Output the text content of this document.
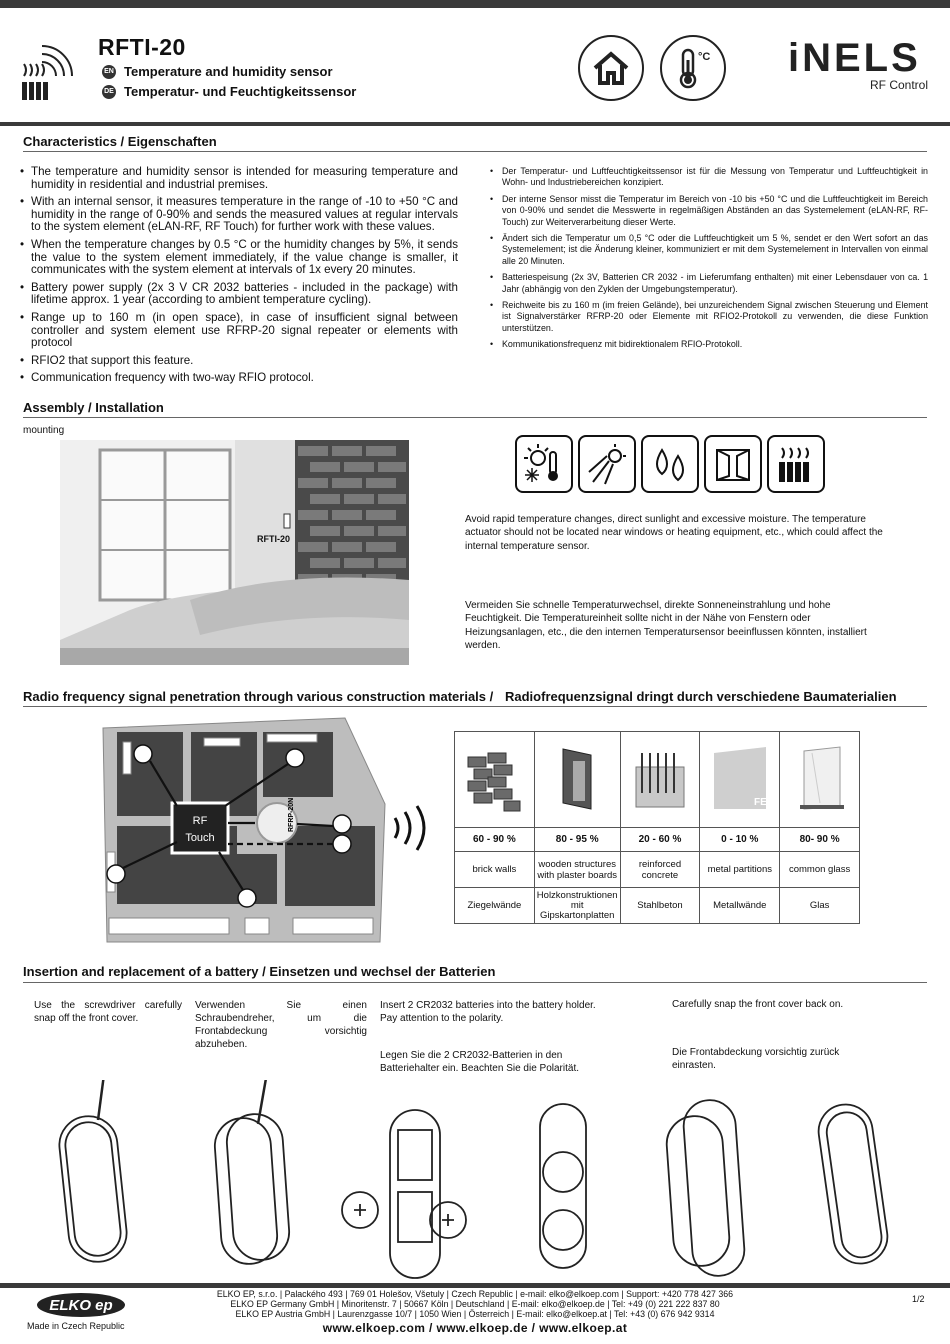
RFTI-20
EN Temperature and humidity sensor
DE Temperatur- und Feuchtigkeitssensor
°C iNELS
RF Control
Characteristics / Eigenschaften
• The temperature and humidity sensor is intended for measuring temperature and humidity in residential and industrial premises.
• With an internal sensor, it measures temperature in the range of -10 to +50 °C and humidity in the range of 0-90% and sends the measured values at regular intervals to the system element (eLAN-RF, RF Touch) for further work with these values.
• When the temperature changes by 0.5 °C or the humidity changes by 5%, it sends the value to the system element immediately, if the value change is smaller, it communicates with the system element at intervals of 1x every 20 minutes.
• Battery power supply (2x 3 V CR 2032 batteries - included in the package) with lifetime approx. 1 year (according to ambient temperature cycling).
• Range up to 160 m (in open space), in case of insufficient signal between controller and system element use RFRP-20 signal repeater or elements with protocol
• RFIO2 that support this feature.
• Communication frequency with two-way RFIO protocol.
• Der Temperatur- und Luftfeuchtigkeitssensor ist für die Messung von Temperatur und Luftfeuchtigkeit in Wohn- und Industriebereichen konzipiert.
• Der interne Sensor misst die Temperatur im Bereich von -10 bis +50 °C und die Luftfeuchtigkeit im Bereich von 0-90% und sendet die Messwerte in regelmäßigen Abständen an das Systemelement (eLAN-RF, RF-Touch) zur Weiterverarbeitung dieser Werte.
• Ändert sich die Temperatur um 0,5 °C oder die Luftfeuchtigkeit um 5 %, sendet er den Wert sofort an das Systemelement; ist die Änderung kleiner, kommuniziert er mit dem Systemelement in Intervallen von einmal alle 20 Minuten.
• Batteriespeisung (2x 3V, Batterien CR 2032 - im Lieferumfang enthalten) mit einer Lebensdauer von ca. 1 Jahr (abhängig von den Zyklen der Umgebungstemperatur).
• Reichweite bis zu 160 m (im freien Gelände), bei unzureichendem Signal zwischen Steuerung und Element ist Signalverstärker RFRP-20 oder Elemente mit RFIO2-Protokoll zu verwenden, die diese Funktion unterstützen.
• Kommunikationsfrequenz mit bidirektionalem RFIO-Protokoll.
Assembly / Installation
mounting
RFTI-20
Avoid rapid temperature changes, direct sunlight and excessive moisture. The temperature actuator should not be located near windows or heating equipment, etc., which could affect the internal temperature sensor.
Vermeiden Sie schnelle Temperaturwechsel, direkte Sonneneinstrahlung und hohe Feuchtigkeit. Die Temperatureinheit sollte nicht in der Nähe von Fenstern oder Heizungsanlagen, etc., die den internen Temperatursensor beeinflussen könnten, installiert werden.
Radio frequency signal penetration through various construction materials / Radiofrequenzsignal dringt durch verschiedene Baumaterialien
RF
Touch
RFRP-20N
				FE

60 - 90 %	80 - 95 %	20 - 60 %	0 - 10 %	80- 90 %
brick walls	wooden structures with plaster boards	reinforced concrete	metal partitions	common glass
Ziegelwände	Holzkonstruktionen mit Gipskartonplatten	Stahlbeton	Metallwände	Glas
Insertion and replacement of a battery / Einsetzen und wechsel der Batterien
Use the screwdriver carefully snap off the front cover.
Verwenden Sie einen Schraubendreher, um die Frontabdeckung vorsichtig abzuheben.
Insert 2 CR2032 batteries into the battery holder. Pay attention to the polarity.
Legen Sie die 2 CR2032-Batterien in den Batteriehalter ein. Beachten Sie die Polarität.
Carefully snap the front cover back on.
Die Frontabdeckung vorsichtig zurück einrasten.
ELKO ep
Made in Czech Republic
ELKO EP, s.r.o. | Palackého 493 | 769 01 Holešov, Všetuly | Czech Republic | e-mail: elko@elkoep.com | Support: +420 778 427 366
ELKO EP Germany GmbH | Minoritenstr. 7 | 50667 Köln | Deutschland | E-mail: elko@elkoep.de | Tel: +49 (0) 221 222 837 80
ELKO EP Austria GmbH | Laurenzgasse 10/7 | 1050 Wien | Österreich | E-mail: elko@elkoep.at | Tel: +43 (0) 676 942 9314
www.elkoep.com / www.elkoep.de / www.elkoep.at
1/2
